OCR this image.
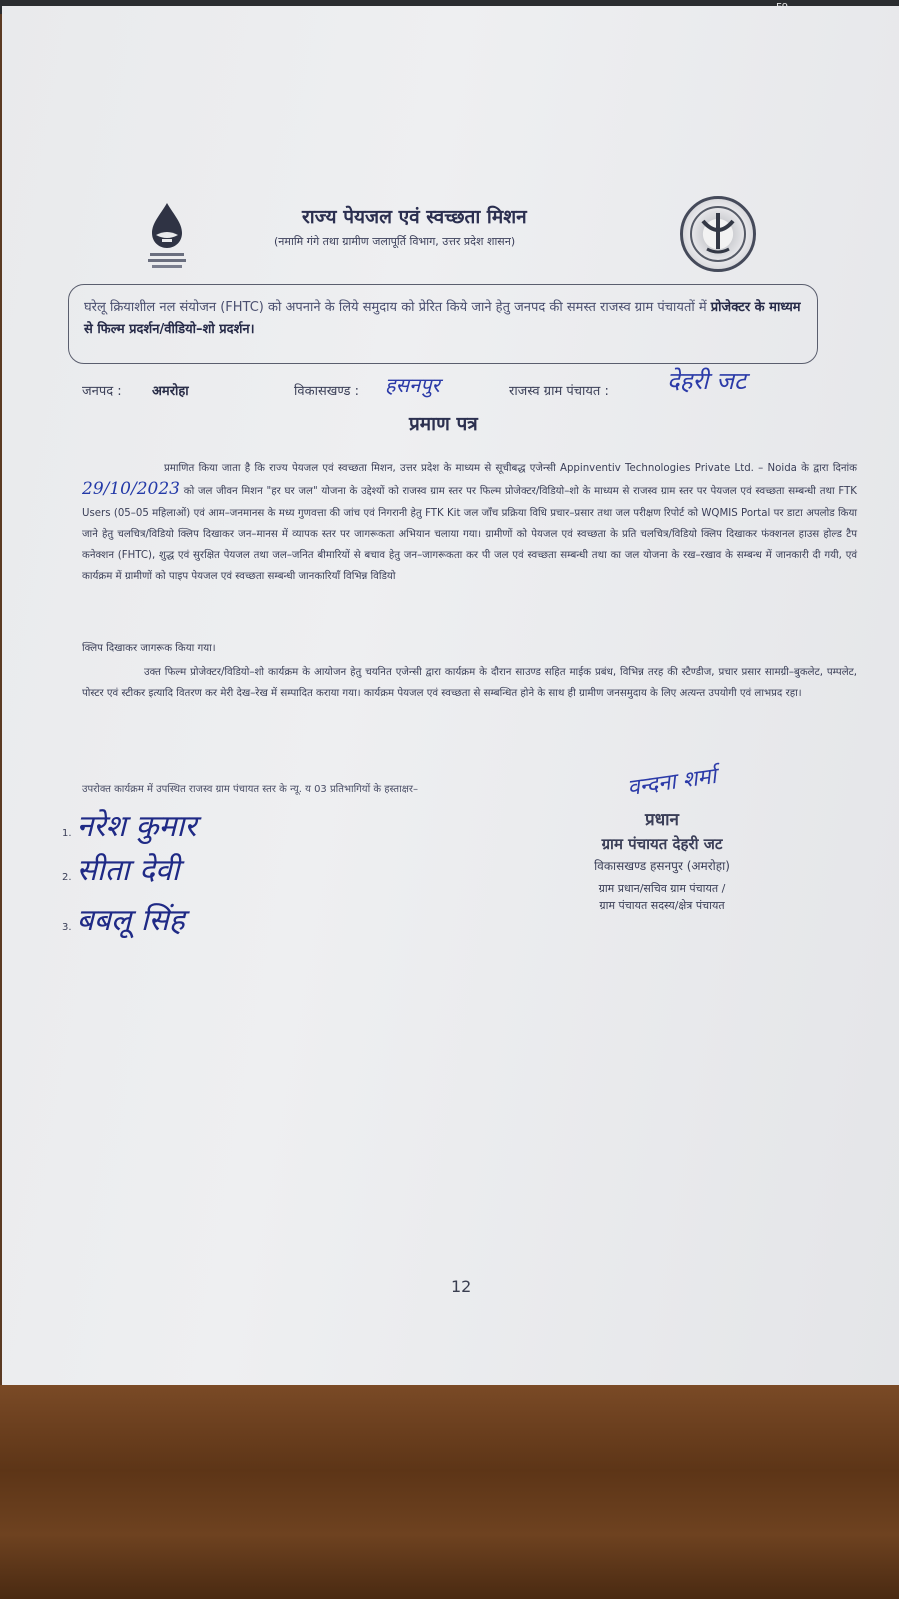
राज्य पेयजल एवं स्वच्छता मिशन
(नमामि गंगे तथा ग्रामीण जलापूर्ति विभाग, उत्तर प्रदेश शासन)
घरेलू क्रियाशील नल संयोजन (FHTC) को अपनाने के लिये समुदाय को प्रेरित किये जाने हेतु जनपद की समस्त राजस्व ग्राम पंचायतों में प्रोजेक्टर के माध्यम से फिल्म प्रदर्शन/वीडियो–शो प्रदर्शन।
जनपद : अमरोहा	विकासखण्ड : हसनपुर	राजस्व ग्राम पंचायत : देहरी जट
प्रमाण पत्र
प्रमाणित किया जाता है कि राज्य पेयजल एवं स्वच्छता मिशन, उत्तर प्रदेश के माध्यम से सूचीबद्ध एजेन्सी Appinventiv Technologies Private Ltd. – Noida के द्वारा दिनांक 29/10/2023 को जल जीवन मिशन "हर घर जल" योजना के उद्देश्यों को राजस्व ग्राम स्तर पर फिल्म प्रोजेक्टर/विडियो–शो के माध्यम से राजस्व ग्राम स्तर पर पेयजल एवं स्वच्छता सम्बन्धी तथा FTK Users (05–05 महिलाओं) एवं आम–जनमानस के मध्य गुणवत्ता की जांच एवं निगरानी हेतु FTK Kit जल जाँच प्रक्रिया विधि प्रचार–प्रसार तथा जल परीक्षण रिपोर्ट को WQMIS Portal पर डाटा अपलोड किया जाने हेतु चलचित्र/विडियो क्लिप दिखाकर जन–मानस में व्यापक स्तर पर जागरूकता अभियान चलाया गया। ग्रामीणों को पेयजल एवं स्वच्छता के प्रति चलचित्र/विडियो क्लिप दिखाकर फंक्शनल हाउस होल्ड टैप कनेक्शन (FHTC), शुद्ध एवं सुरक्षित पेयजल तथा जल–जनित बीमारियों से बचाव हेतु जन–जागरूकता कर पी जल एवं स्वच्छता सम्बन्धी तथा का जल योजना के रख–रखाव के सम्बन्ध में जानकारी दी गयी, एवं कार्यक्रम में ग्रामीणों को पाइप पेयजल एवं स्वच्छता सम्बन्धी जानकारियाँ विभिन्न विडियो
क्लिप दिखाकर जागरूक किया गया।
उक्त फिल्म प्रोजेक्टर/विडियो–शो कार्यक्रम के आयोजन हेतु चयनित एजेन्सी द्वारा कार्यक्रम के दौरान साउण्ड सहित माईक प्रबंध, विभिन्न तरह की स्टैण्डीज, प्रचार प्रसार सामग्री–बुकलेट, पम्पलेट, पोस्टर एवं स्टीकर इत्यादि वितरण कर मेरी देख–रेख में सम्पादित कराया गया। कार्यक्रम पेयजल एवं स्वच्छता से सम्बन्धित होने के साथ ही ग्रामीण जनसमुदाय के लिए अत्यन्त उपयोगी एवं लाभप्रद रहा।
उपरोक्त कार्यक्रम में उपस्थित राजस्व ग्राम पंचायत स्तर के न्यू. य 03 प्रतिभागियों के हस्ताक्षर–
1. नरेश कुमार
2. सीता देवी
3. बबलू सिंह
वन्दना शर्मा
प्रधान
ग्राम पंचायत देहरी जट
विकासखण्ड हसनपुर (अमरोहा)
ग्राम प्रधान/सचिव ग्राम पंचायत /
ग्राम पंचायत सदस्य/क्षेत्र पंचायत
12
